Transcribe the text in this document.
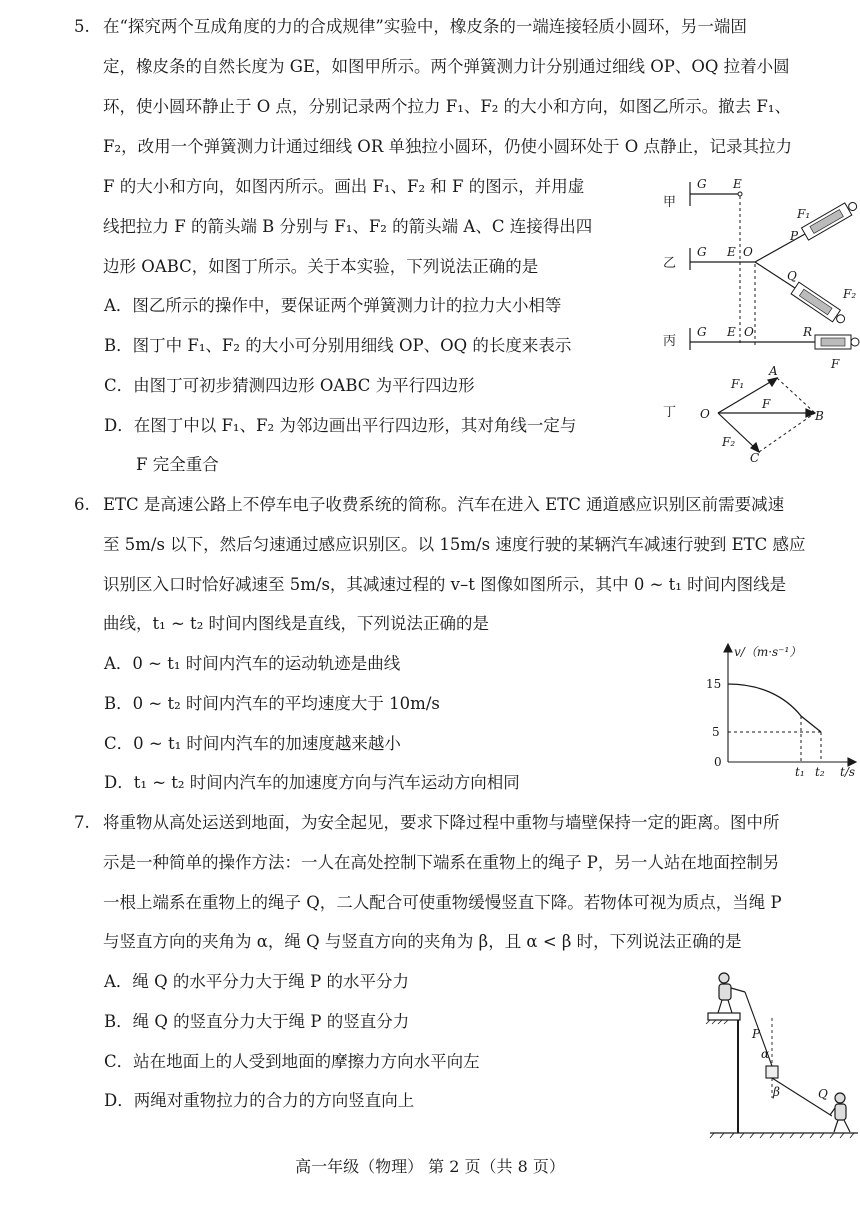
5. 在“探究两个互成角度的力的合成规律”实验中，橡皮条的一端连接轻质小圆环，另一端固

定，橡皮条的自然长度为 GE，如图甲所示。两个弹簧测力计分别通过细线 OP、OQ 拉着小圆

环，使小圆环静止于 O 点，分别记录两个拉力 F₁、F₂ 的大小和方向，如图乙所示。撤去 F₁、

F₂，改用一个弹簧测力计通过细线 OR 单独拉小圆环，仍使小圆环处于 O 点静止，记录其拉力

F 的大小和方向，如图丙所示。画出 F₁、F₂ 和 F 的图示，并用虚

线把拉力 F 的箭头端 B 分别与 F₁、F₂ 的箭头端 A、C 连接得出四

边形 OABC，如图丁所示。关于本实验，下列说法正确的是

A．图乙所示的操作中，要保证两个弹簧测力计的拉力大小相等
B．图丁中 F₁、F₂ 的大小可分别用细线 OP、OQ 的长度来表示
C．由图丁可初步猜测四边形 OABC 为平行四边形
D．在图丁中以 F₁、F₂ 为邻边画出平行四边形，其对角线一定与
F 完全重合
甲
乙
丙
丁
G E
G E O
P
Q
F₁
F₂
G E O	R
F
O
A
B
C
F₁
F
F₂
6. ETC 是高速公路上不停车电子收费系统的简称。汽车在进入 ETC 通道感应识别区前需要减速

至 5m/s 以下，然后匀速通过感应识别区。以 15m/s 速度行驶的某辆汽车减速行驶到 ETC 感应

识别区入口时恰好减速至 5m/s，其减速过程的 v–t 图像如图所示，其中 0 ~ t₁ 时间内图线是

曲线，t₁ ~ t₂ 时间内图线是直线，下列说法正确的是

A．0 ~ t₁ 时间内汽车的运动轨迹是曲线
B．0 ~ t₂ 时间内汽车的平均速度大于 10m/s
C．0 ~ t₁ 时间内汽车的加速度越来越小
D．t₁ ~ t₂ 时间内汽车的加速度方向与汽车运动方向相同
v/（m·s⁻¹）
15
5
0
t₁ t₂ t/s
7. 将重物从高处运送到地面，为安全起见，要求下降过程中重物与墙壁保持一定的距离。图中所

示是一种简单的操作方法：一人在高处控制下端系在重物上的绳子 P，另一人站在地面控制另

一根上端系在重物上的绳子 Q，二人配合可使重物缓慢竖直下降。若物体可视为质点，当绳 P

与竖直方向的夹角为 α，绳 Q 与竖直方向的夹角为 β，且 α < β 时，下列说法正确的是

A．绳 Q 的水平分力大于绳 P 的水平分力
B．绳 Q 的竖直分力大于绳 P 的竖直分力
C．站在地面上的人受到地面的摩擦力方向水平向左
D．两绳对重物拉力的合力的方向竖直向上
P
α
β	Q
高一年级（物理） 第 2 页（共 8 页）
